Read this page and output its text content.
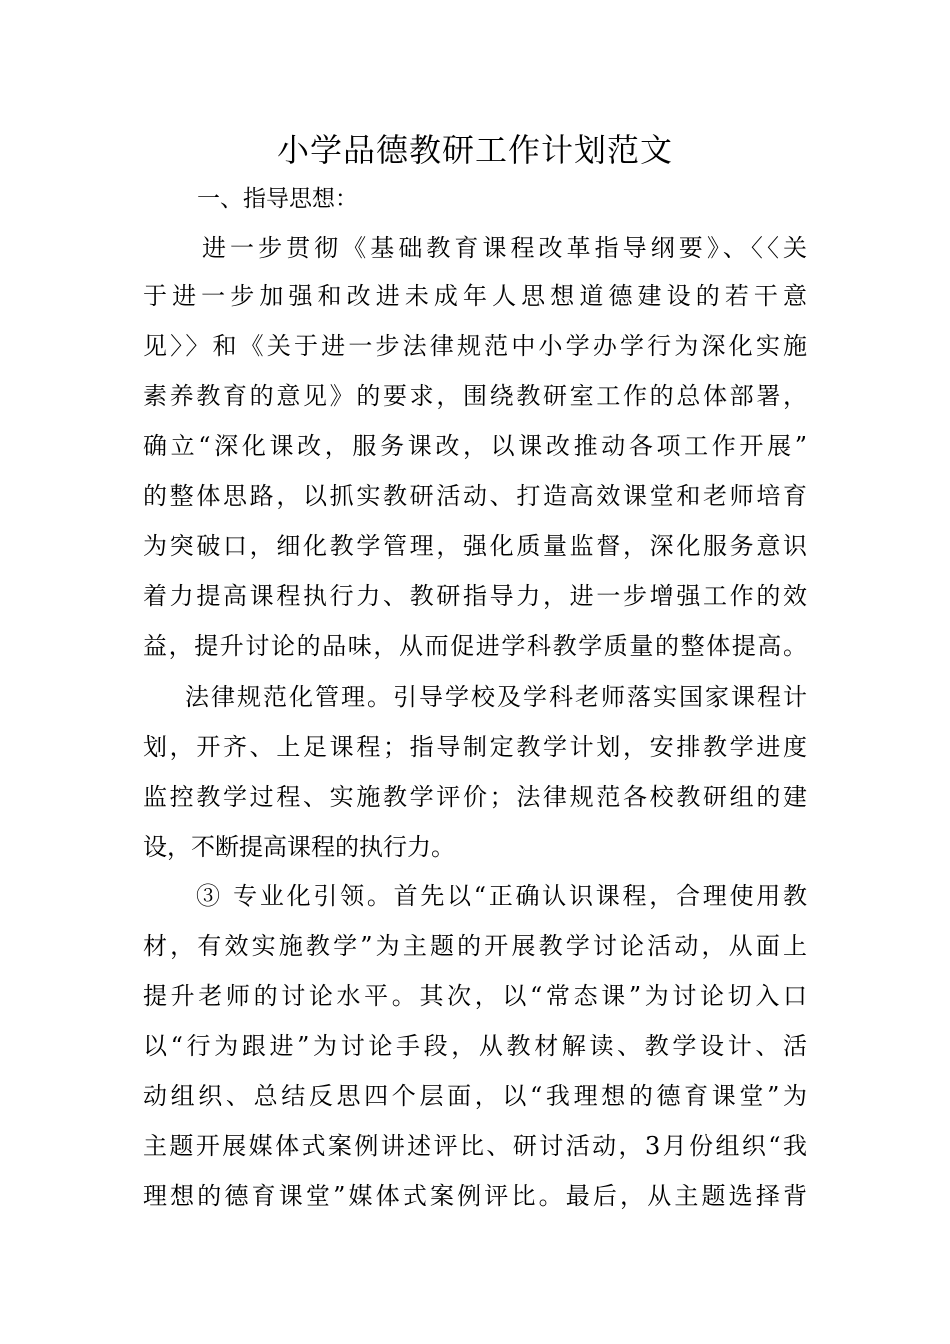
小学品德教研工作计划范文
一、指导思想：
进一步贯彻《基础教育课程改革指导纲要》、〈〈关
于进一步加强和改进未成年人思想道德建设的若干意
见〉〉和《关于进一步法律规范中小学办学行为深化实施
素养教育的意见》的要求，围绕教研室工作的总体部署，
确立“深化课改，服务课改，以课改推动各项工作开展”
的整体思路，以抓实教研活动、打造高效课堂和老师培育
为突破口，细化教学管理，强化质量监督，深化服务意识
着力提高课程执行力、教研指导力，进一步增强工作的效
益，提升讨论的品味，从而促进学科教学质量的整体提高。
法律规范化管理。引导学校及学科老师落实国家课程计
划，开齐、上足课程；指导制定教学计划，安排教学进度
监控教学过程、实施教学评价；法律规范各校教研组的建
设，不断提高课程的执行力。
③ 专业化引领。首先以“正确认识课程，合理使用教
材，有效实施教学”为主题的开展教学讨论活动，从面上
提升老师的讨论水平。其次，以“常态课”为讨论切入口
以“行为跟进”为讨论手段，从教材解读、教学设计、活
动组织、总结反思四个层面，以“我理想的德育课堂”为
主题开展媒体式案例讲述评比、研讨活动，3月份组织“我
理想的德育课堂”媒体式案例评比。最后，从主题选择背
